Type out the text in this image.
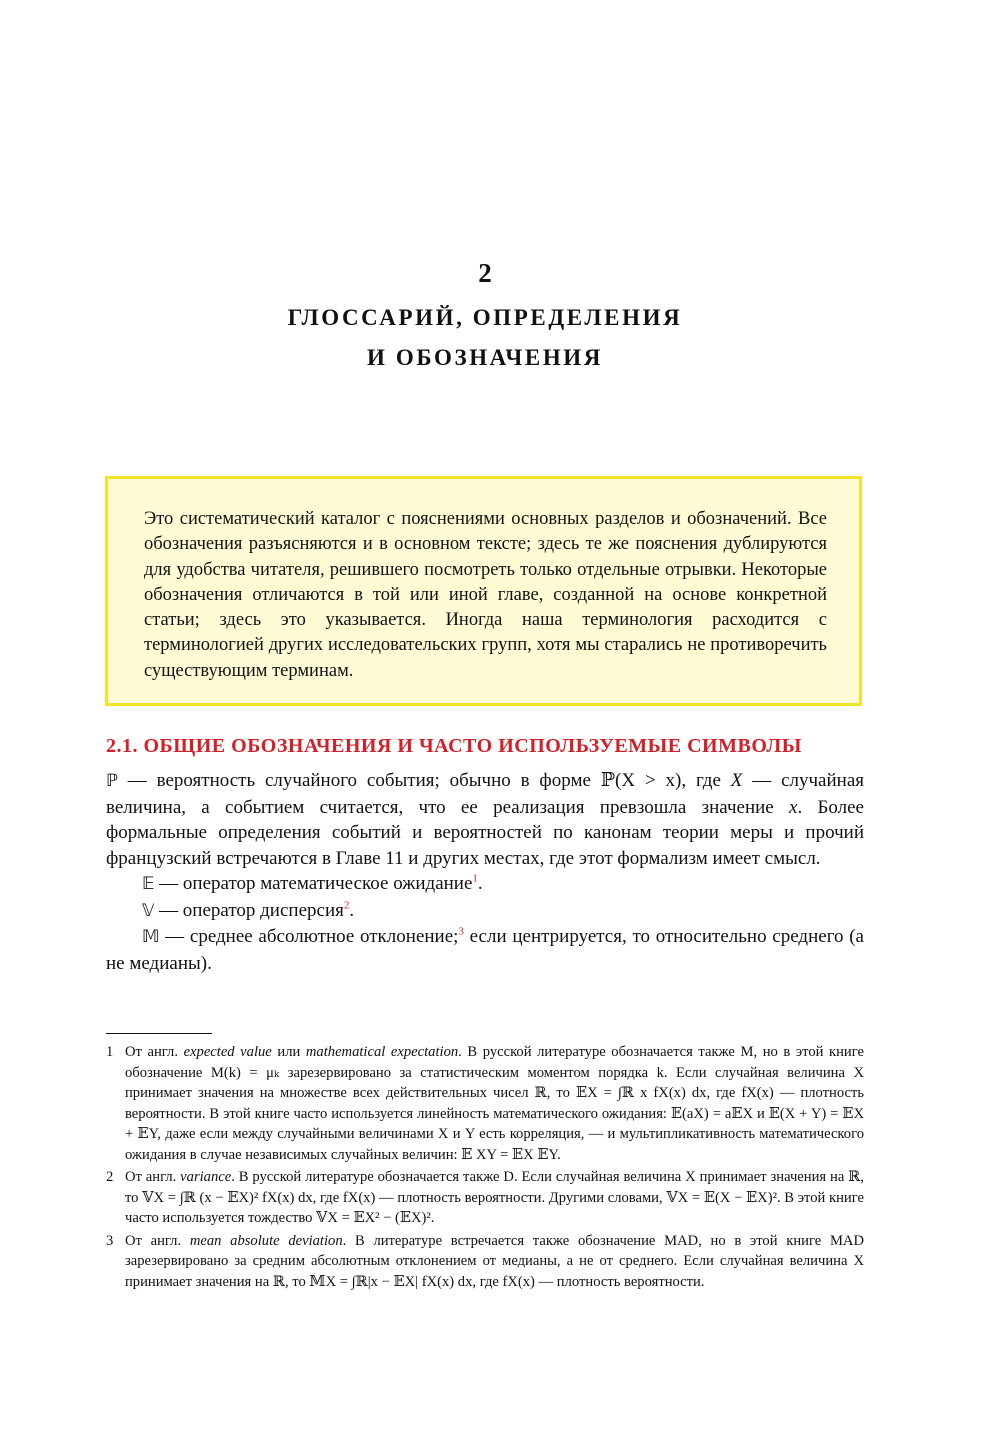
2
ГЛОССАРИЙ, ОПРЕДЕЛЕНИЯ
И ОБОЗНАЧЕНИЯ
Это систематический каталог с пояснениями основных разделов и обозначений. Все обозначения разъясняются и в основном тексте; здесь те же пояснения дублируются для удобства читателя, решившего посмотреть только отдельные отрывки. Некоторые обозначения отличаются в той или иной главе, созданной на основе конкретной статьи; здесь это указывается. Иногда наша терминология расходится с терминологией других исследовательских групп, хотя мы старались не противоречить существующим терминам.
2.1. ОБЩИЕ ОБОЗНАЧЕНИЯ И ЧАСТО ИСПОЛЬЗУЕМЫЕ СИМВОЛЫ

ℙ — вероятность случайного события; обычно в форме ℙ(X > x), где X — случайная величина, а событием считается, что ее реализация превзошла значение x. Более формальные определения событий и вероятностей по канонам теории меры и прочий французский встречаются в Главе 11 и других местах, где этот формализм имеет смысл.

𝔼 — оператор математическое ожидание$^1$.

𝕍 — оператор дисперсия$^2$.

𝕄 — среднее абсолютное отклонение;$^3$ если центрируется, то относительно среднего (а не медианы).

1 От англ. expected value или mathematical expectation. В русской литературе обозначается также M, но в этой книге обозначение M(k) = μₖ зарезервировано за статистическим моментом порядка k. Если случайная величина X принимает значения на множестве всех действительных чисел ℝ, то 𝔼X = ∫ℝ x fX(x) dx, где fX(x) — плотность вероятности. В этой книге часто используется линейность математического ожидания: 𝔼(aX) = a𝔼X и 𝔼(X + Y) = 𝔼X + 𝔼Y, даже если между случайными величинами X и Y есть корреляция, — и мультипликативность математического ожидания в случае независимых случайных величин: 𝔼 XY = 𝔼X 𝔼Y.
2 От англ. variance. В русской литературе обозначается также D. Если случайная величина X принимает значения на ℝ, то 𝕍X = ∫ℝ (x − 𝔼X)² fX(x) dx, где fX(x) — плотность вероятности. Другими словами, 𝕍X = 𝔼(X − 𝔼X)². В этой книге часто используется тождество 𝕍X = 𝔼X² − (𝔼X)².
3 От англ. mean absolute deviation. В литературе встречается также обозначение MAD, но в этой книге MAD зарезервировано за средним абсолютным отклонением от медианы, а не от среднего. Если случайная величина X принимает значения на ℝ, то 𝕄X = ∫ℝ|x − 𝔼X| fX(x) dx, где fX(x) — плотность вероятности.
